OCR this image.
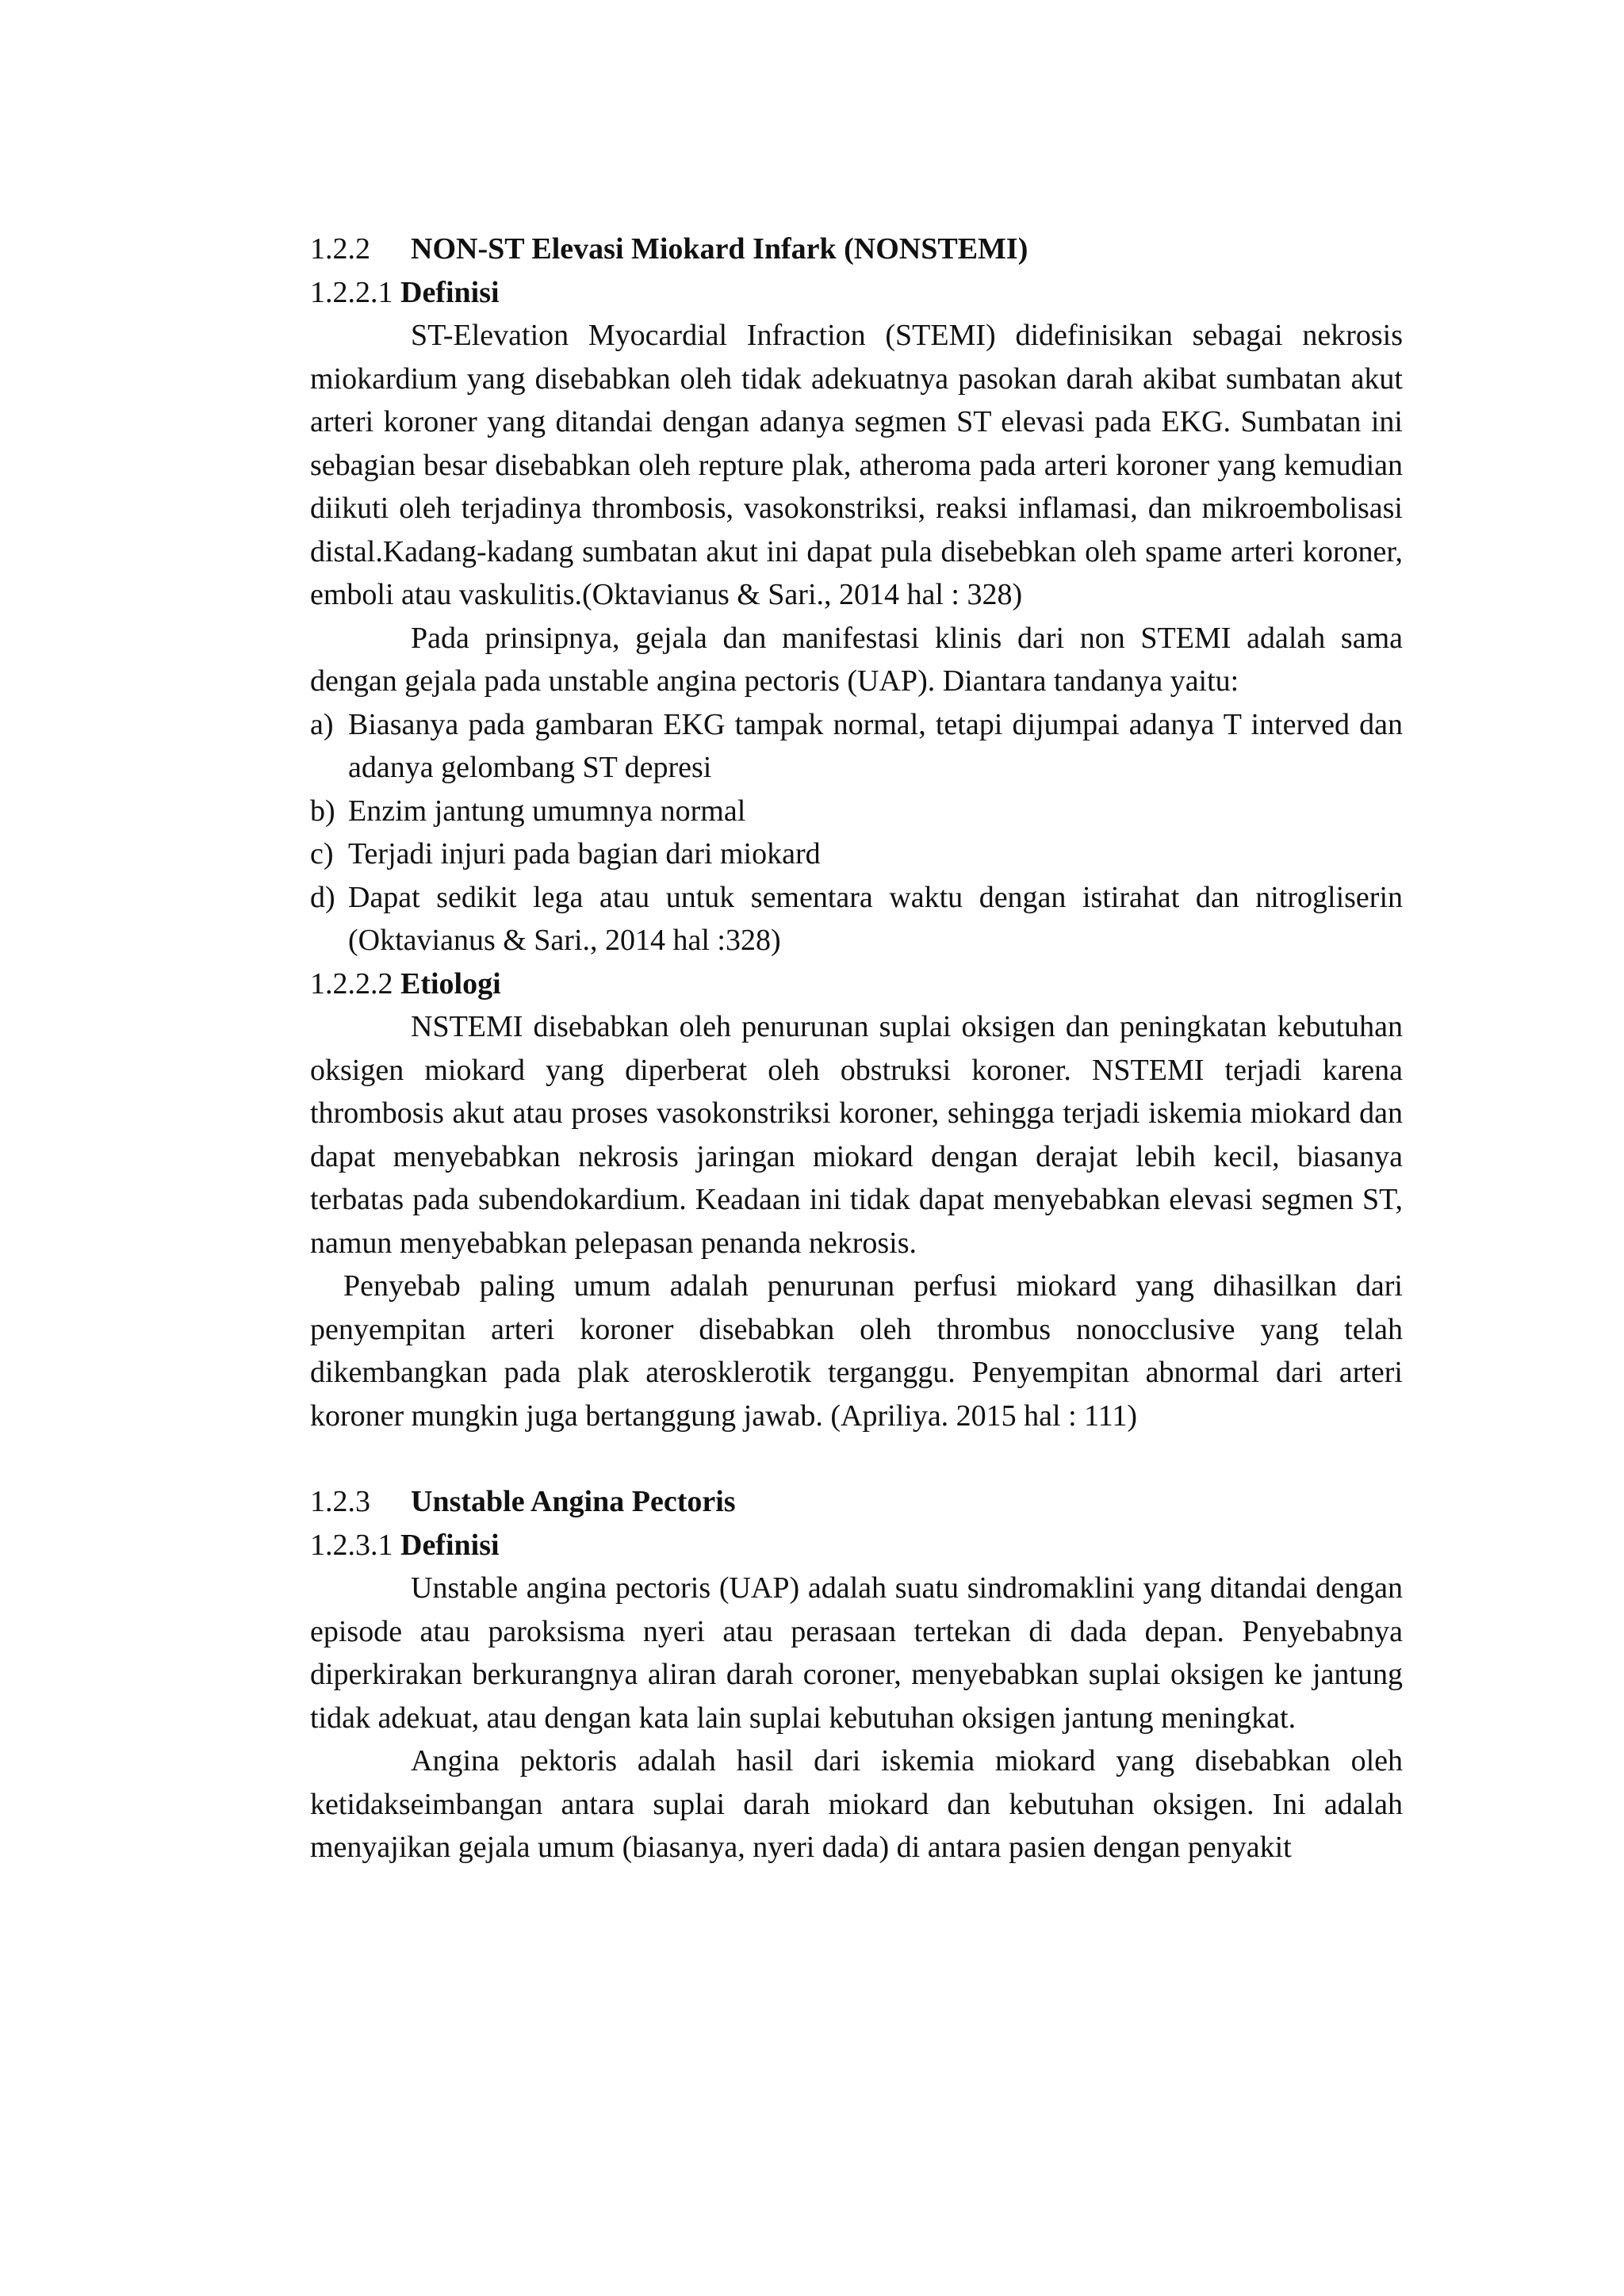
1.2.2	NON-ST Elevasi Miokard Infark (NONSTEMI)
1.2.2.1 Definisi

ST-Elevation Myocardial Infraction (STEMI) didefinisikan sebagai nekrosis miokardium yang disebabkan oleh tidak adekuatnya pasokan darah akibat sumbatan akut arteri koroner yang ditandai dengan adanya segmen ST elevasi pada EKG. Sumbatan ini sebagian besar disebabkan oleh repture plak, atheroma pada arteri koroner yang kemudian diikuti oleh terjadinya thrombosis, vasokonstriksi, reaksi inflamasi, dan mikroembolisasi distal.Kadang-kadang sumbatan akut ini dapat pula disebebkan oleh spame arteri koroner, emboli atau vaskulitis.(Oktavianus & Sari., 2014 hal : 328)

Pada prinsipnya, gejala dan manifestasi klinis dari non STEMI adalah sama dengan gejala pada unstable angina pectoris (UAP). Diantara tandanya yaitu:

a) Biasanya pada gambaran EKG tampak normal, tetapi dijumpai adanya T interved dan adanya gelombang ST depresi
b) Enzim jantung umumnya normal
c) Terjadi injuri pada bagian dari miokard
d) Dapat sedikit lega atau untuk sementara waktu dengan istirahat dan nitrogliserin (Oktavianus & Sari., 2014 hal :328)
1.2.2.2 Etiologi

NSTEMI disebabkan oleh penurunan suplai oksigen dan peningkatan kebutuhan oksigen miokard yang diperberat oleh obstruksi koroner. NSTEMI terjadi karena thrombosis akut atau proses vasokonstriksi koroner, sehingga terjadi iskemia miokard dan dapat menyebabkan nekrosis jaringan miokard dengan derajat lebih kecil, biasanya terbatas pada subendokardium. Keadaan ini tidak dapat menyebabkan elevasi segmen ST, namun menyebabkan pelepasan penanda nekrosis.

Penyebab paling umum adalah penurunan perfusi miokard yang dihasilkan dari penyempitan arteri koroner disebabkan oleh thrombus nonocclusive yang telah dikembangkan pada plak aterosklerotik terganggu. Penyempitan abnormal dari arteri koroner mungkin juga bertanggung jawab. (Apriliya. 2015 hal : 111)

1.2.3	Unstable Angina Pectoris
1.2.3.1 Definisi

Unstable angina pectoris (UAP) adalah suatu sindromaklini yang ditandai dengan episode atau paroksisma nyeri atau perasaan tertekan di dada depan. Penyebabnya diperkirakan berkurangnya aliran darah coroner, menyebabkan suplai oksigen ke jantung tidak adekuat, atau dengan kata lain suplai kebutuhan oksigen jantung meningkat.

Angina pektoris adalah hasil dari iskemia miokard yang disebabkan oleh ketidakseimbangan antara suplai darah miokard dan kebutuhan oksigen. Ini adalah menyajikan gejala umum (biasanya, nyeri dada) di antara pasien dengan penyakit
